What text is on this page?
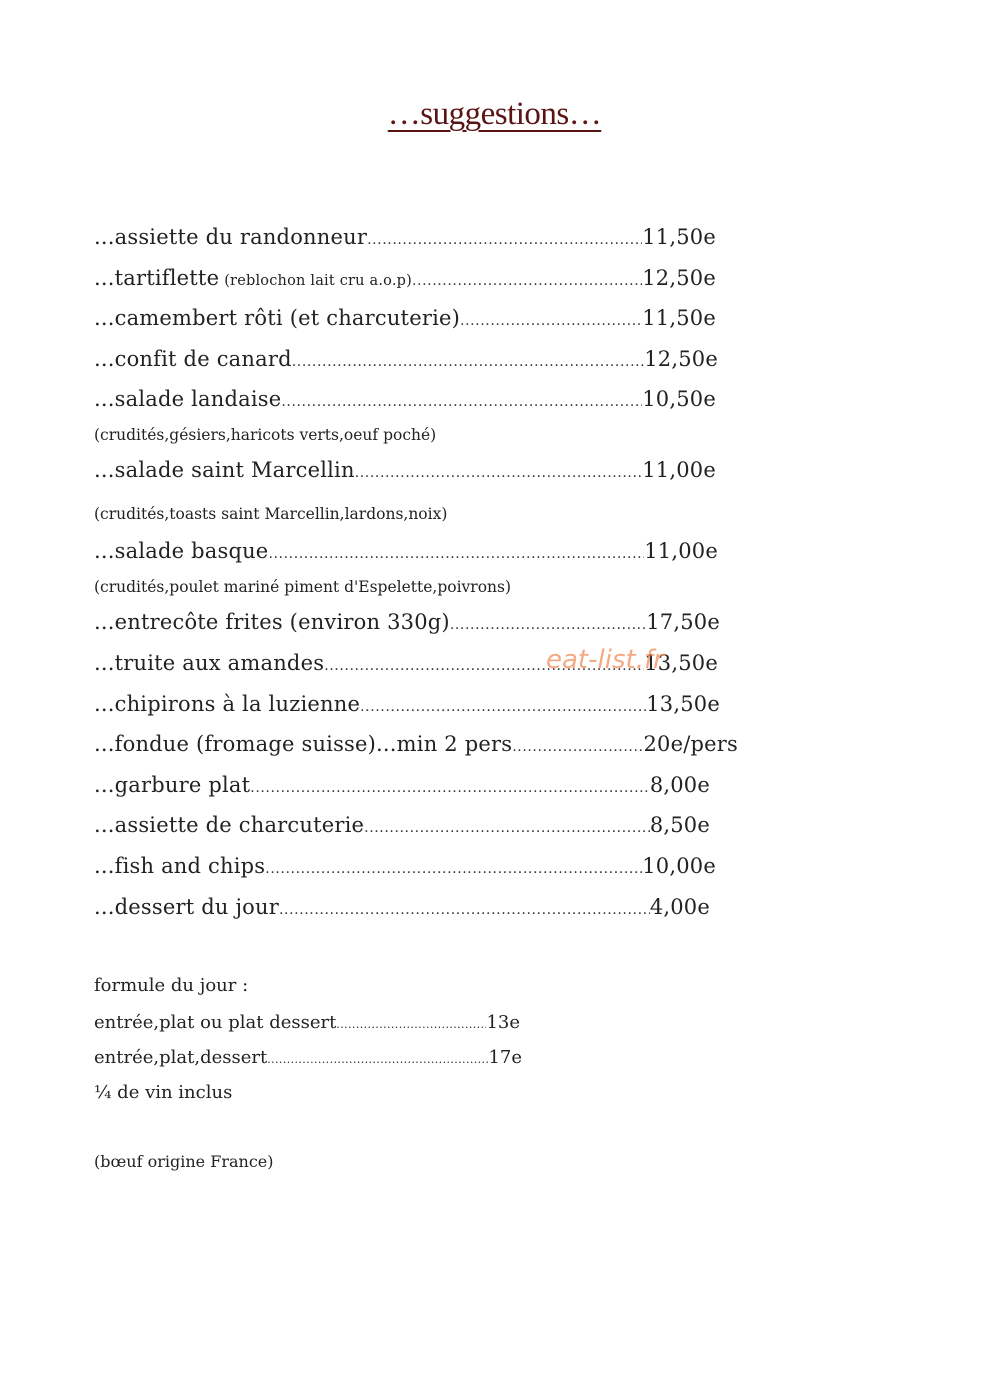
…suggestions…
...assiette du randonneur .....	11,50e
...tartiflette (reblochon lait cru a.o.p) .....	12,50e
...camembert rôti (et charcuterie) .....	11,50e
...confit de canard .....	12,50e
...salade landaise .....	10,50e
(crudités,gésiers,haricots verts,oeuf poché)
...salade saint Marcellin .....	11,00e
(crudités,toasts saint Marcellin,lardons,noix)
...salade basque .....	11,00e
(crudités,poulet mariné piment d'Espelette,poivrons)
...entrecôte frites (environ 330g) .....	17,50e
...truite aux amandes .....	13,50e
...chipirons à la luzienne .....	13,50e
...fondue (fromage suisse)...min 2 pers .....	20e/pers
...garbure plat .....	8,00e
...assiette de charcuterie .....	8,50e
...fish and chips .....	10,00e
...dessert du jour .....	4,00e
formule du jour :
entrée,plat ou plat dessert .....	13e
entrée,plat,dessert .....	17e
¼ de vin inclus
(bœuf origine France)
eat-list.fr
